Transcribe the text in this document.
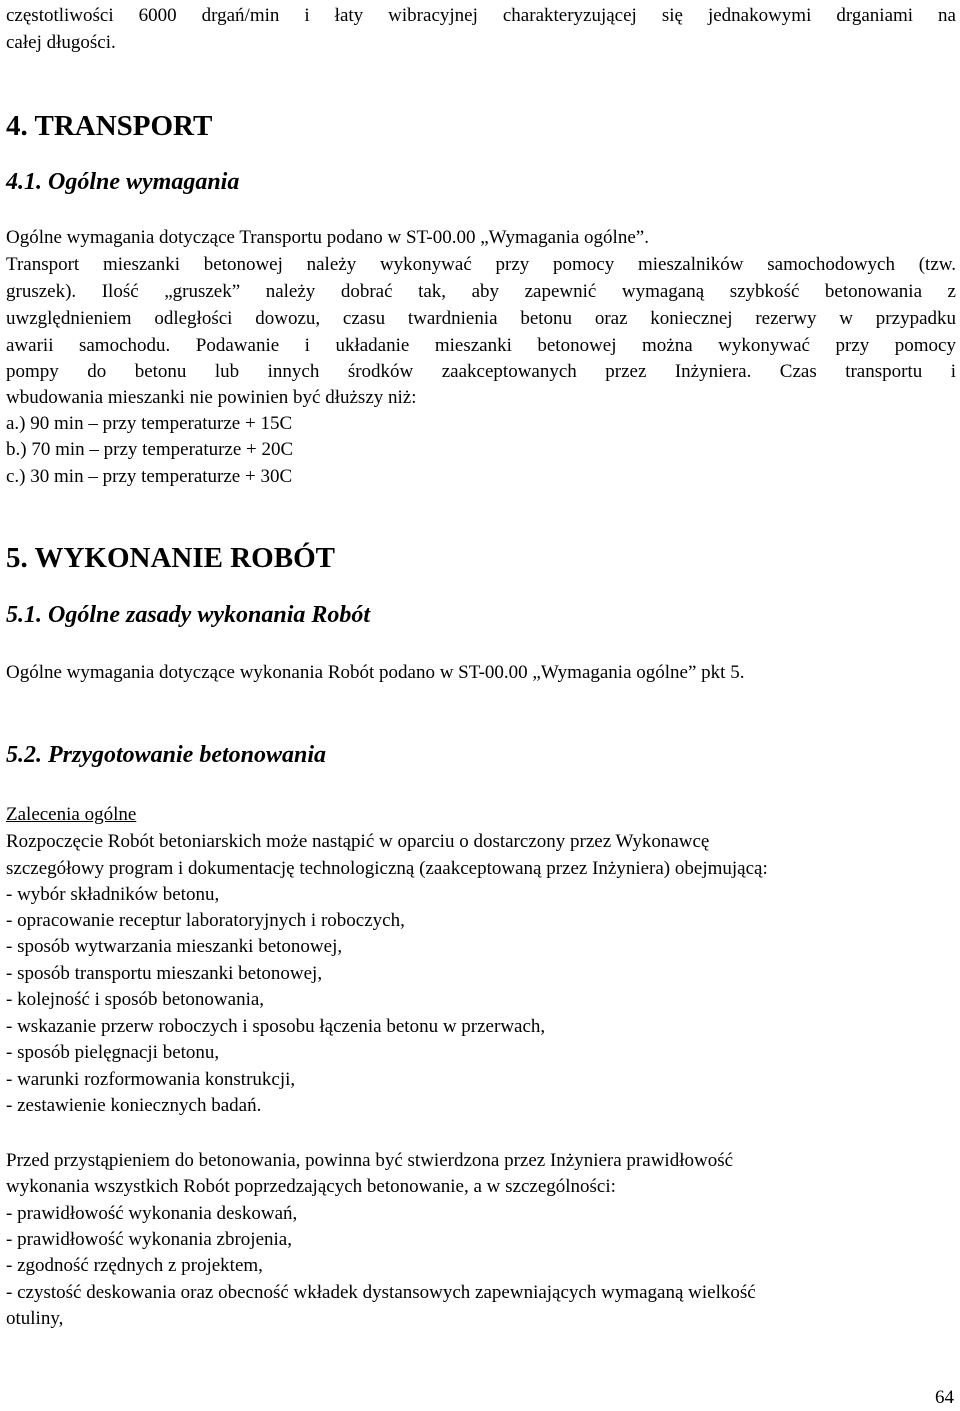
częstotliwości 6000 drgań/min i łaty wibracyjnej charakteryzującej się jednakowymi drganiami na
całej długości.
4. TRANSPORT
4.1. Ogólne wymagania
Ogólne wymagania dotyczące Transportu podano w ST-00.00 „Wymagania ogólne”.
Transport mieszanki betonowej należy wykonywać przy pomocy mieszalników samochodowych (tzw.
gruszek). Ilość „gruszek” należy dobrać tak, aby zapewnić wymaganą szybkość betonowania z
uwzględnieniem odległości dowozu, czasu twardnienia betonu oraz koniecznej rezerwy w przypadku
awarii samochodu. Podawanie i układanie mieszanki betonowej można wykonywać przy pomocy
pompy do betonu lub innych środków zaakceptowanych przez Inżyniera. Czas transportu i
wbudowania mieszanki nie powinien być dłuższy niż:
a.) 90 min – przy temperaturze + 15C
b.) 70 min – przy temperaturze + 20C
c.) 30 min – przy temperaturze + 30C
5. WYKONANIE ROBÓT
5.1. Ogólne zasady wykonania Robót
Ogólne wymagania dotyczące wykonania Robót podano w ST-00.00 „Wymagania ogólne” pkt 5.
5.2. Przygotowanie betonowania
Zalecenia ogólne
Rozpoczęcie Robót betoniarskich może nastąpić w oparciu o dostarczony przez Wykonawcę
szczegółowy program i dokumentację technologiczną (zaakceptowaną przez Inżyniera) obejmującą:
- wybór składników betonu,
- opracowanie receptur laboratoryjnych i roboczych,
- sposób wytwarzania mieszanki betonowej,
- sposób transportu mieszanki betonowej,
- kolejność i sposób betonowania,
- wskazanie przerw roboczych i sposobu łączenia betonu w przerwach,
- sposób pielęgnacji betonu,
- warunki rozformowania konstrukcji,
- zestawienie koniecznych badań.
Przed przystąpieniem do betonowania, powinna być stwierdzona przez Inżyniera prawidłowość
wykonania wszystkich Robót poprzedzających betonowanie, a w szczególności:
- prawidłowość wykonania deskowań,
- prawidłowość wykonania zbrojenia,
- zgodność rzędnych z projektem,
- czystość deskowania oraz obecność wkładek dystansowych zapewniających wymaganą wielkość
otuliny,
64
